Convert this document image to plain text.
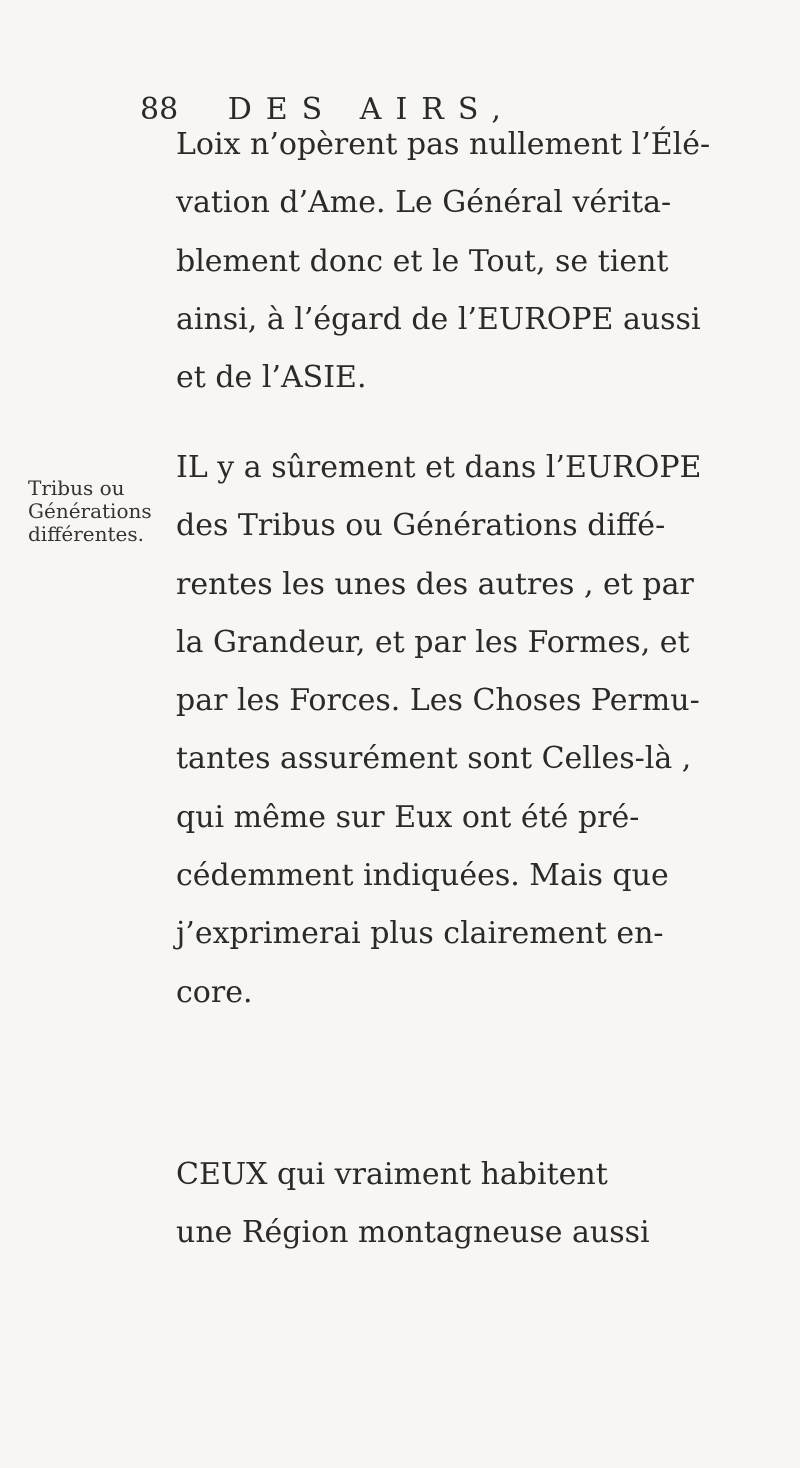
88 DES AIRS,
Tribus ou
Générations
différentes.
Loix n’opèrent pas nullement l’Élé-
vation d’Ame. Le Général vérita-
blement donc et le Tout, se tient
ainsi, à l’égard de l’EUROPE aussi
et de l’ASIE.
IL y a sûrement et dans l’EUROPE
des Tribus ou Générations diffé-
rentes les unes des autres , et par
la Grandeur, et par les Formes, et
par les Forces. Les Choses Permu-
tantes assurément sont Celles-là ,
qui même sur Eux ont été pré-
cédemment indiquées. Mais que
j’exprimerai plus clairement en-
core.
CEUX qui vraiment habitent
une Région montagneuse aussi
